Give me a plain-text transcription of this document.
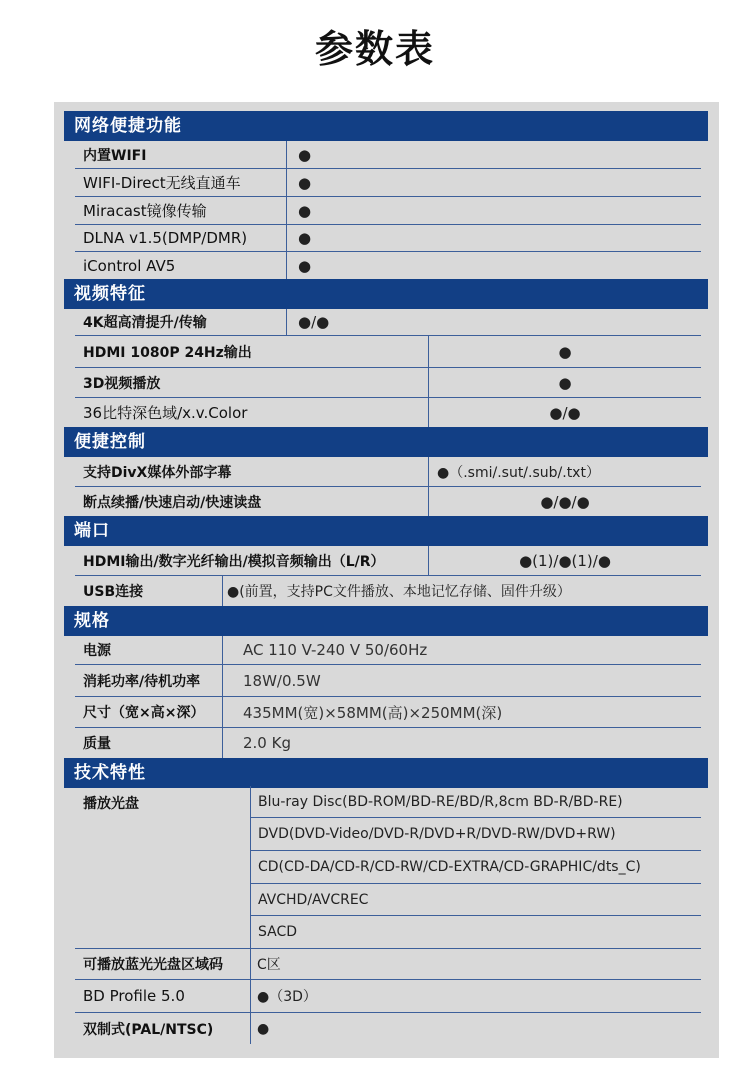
参数表
网络便捷功能
内置WIFI	●
WIFI-Direct无线直通车	●
Miracast镜像传输	●
DLNA v1.5(DMP/DMR)	●
iControl AV5	●
视频特征
4K超高清提升/传输	●/●
HDMI 1080P 24Hz输出	●
3D视频播放	●
36比特深色域/x.v.Color	●/●
便捷控制
支持DivX媒体外部字幕	●（.smi/.sut/.sub/.txt）
断点续播/快速启动/快速读盘	●/●/●
端口
HDMI输出/数字光纤输出/模拟音频输出（L/R）	●(1)/●(1)/●
USB连接	●(前置，支持PC文件播放、本地记忆存储、固件升级）
规格
电源	AC 110 V-240 V 50/60Hz
消耗功率/待机功率	18W/0.5W
尺寸（宽×高×深）	435MM(宽)×58MM(高)×250MM(深)
质量	2.0 Kg
技术特性
播放光盘	Blu-ray Disc(BD-ROM/BD-RE/BD/R,8cm BD-R/BD-RE)
DVD(DVD-Video/DVD-R/DVD+R/DVD-RW/DVD+RW)
CD(CD-DA/CD-R/CD-RW/CD-EXTRA/CD-GRAPHIC/dts_C)
AVCHD/AVCREC
SACD
可播放蓝光光盘区域码 C区
BD Profile 5.0	●（3D）
双制式(PAL/NTSC)	●
